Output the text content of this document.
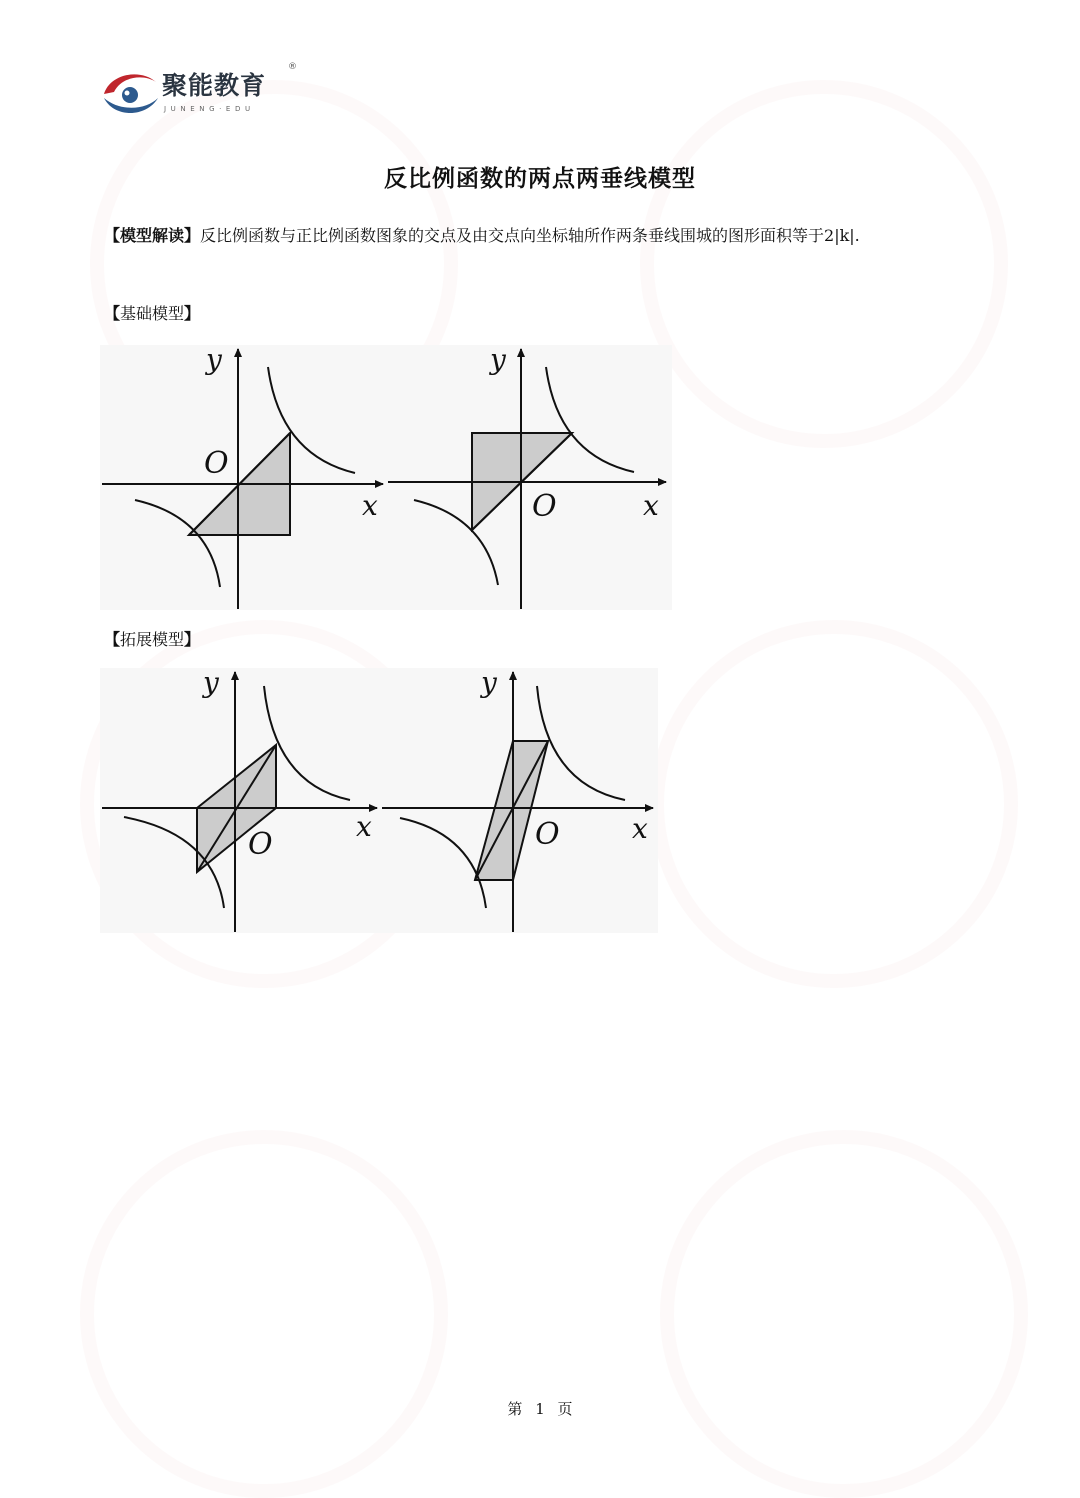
聚能教育
®
JUNENG·EDU
反比例函数的两点两垂线模型
【模型解读】反比例函数与正比例函数图象的交点及由交点向坐标轴所作两条垂线围城的图形面积等于2|k|.
【基础模型】
y
x
O
y
x
O
【拓展模型】
y
x
O
y
x
O
第 1 页
